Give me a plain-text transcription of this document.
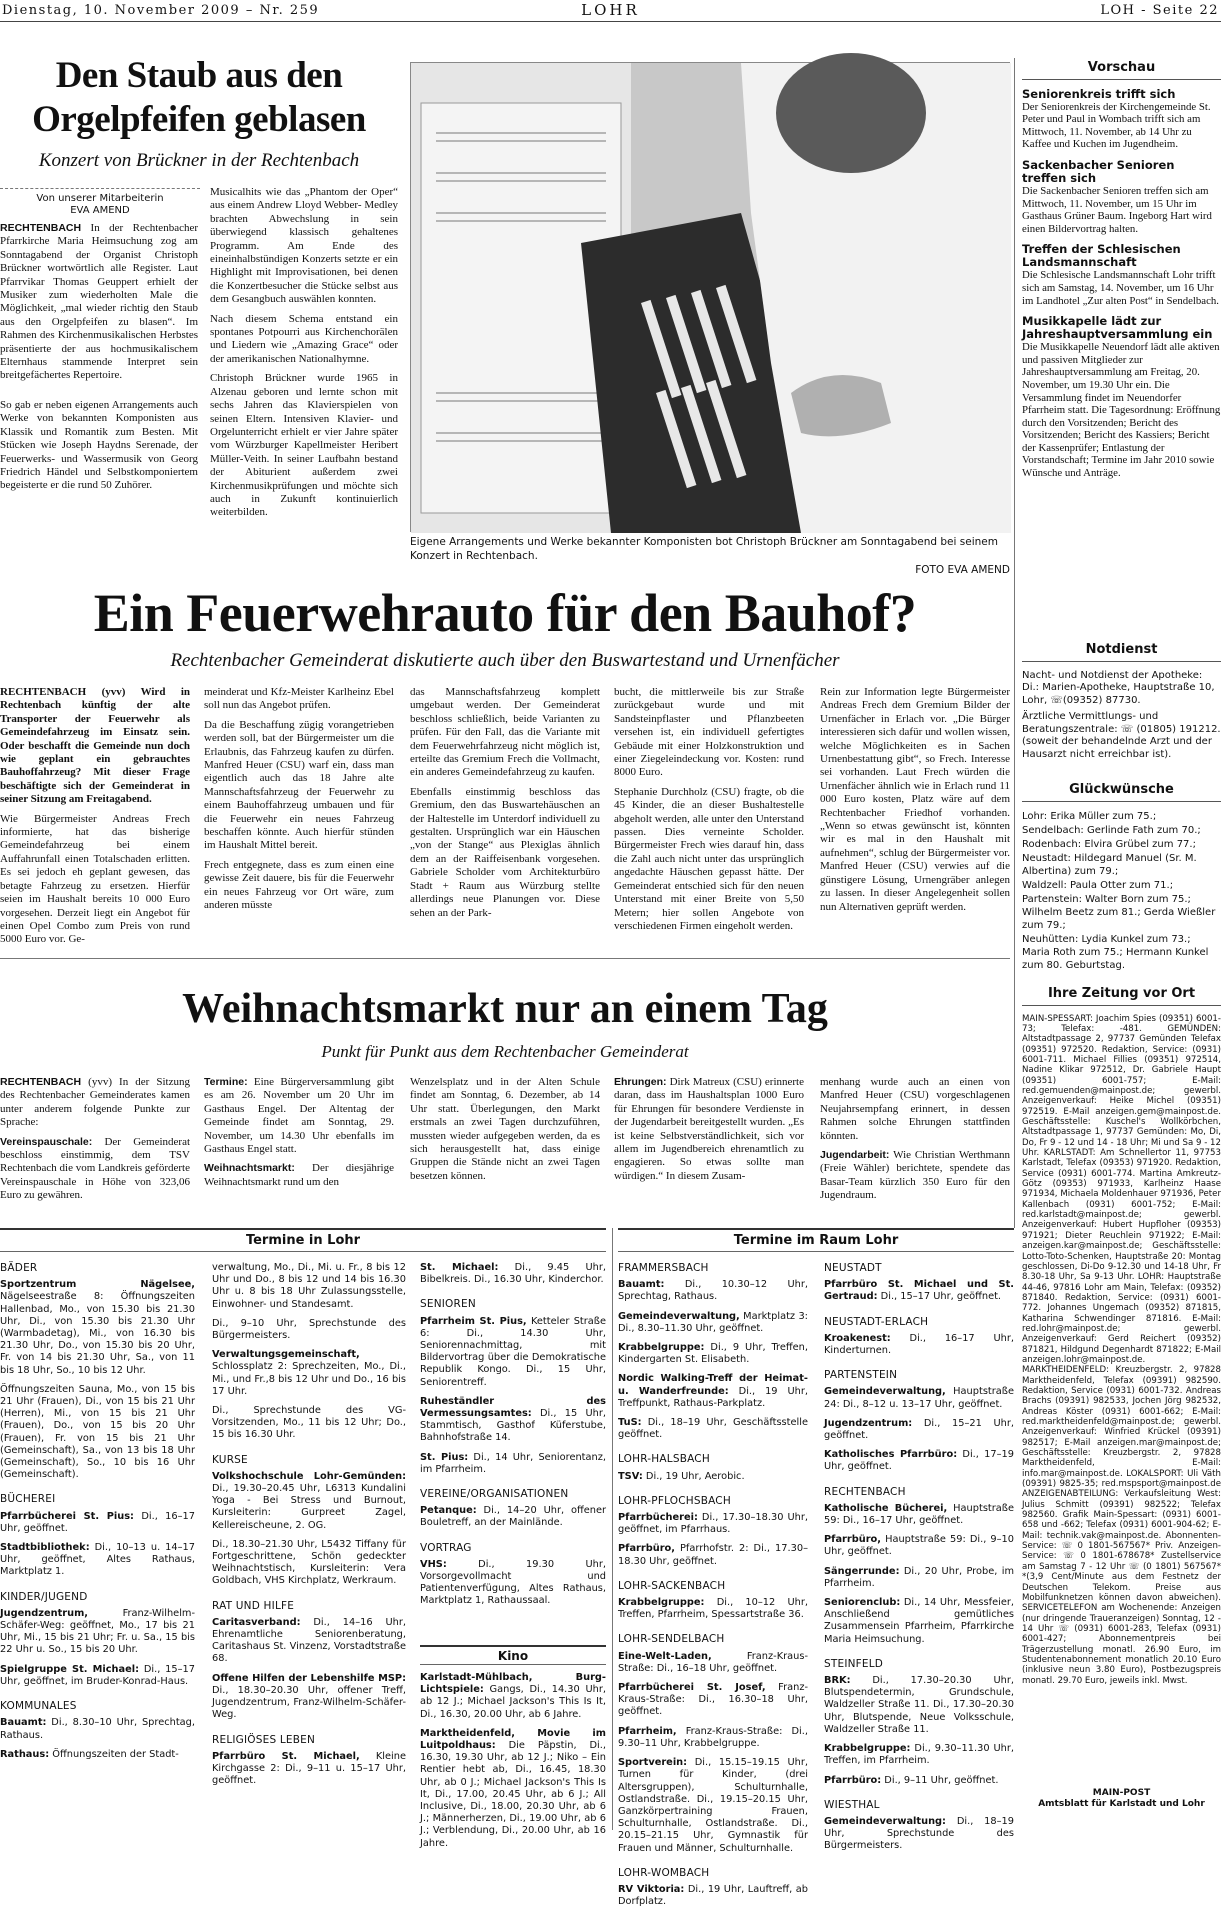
Dienstag, 10. November 2009 – Nr. 259	LOHR	LOH - Seite 22
Den Staub aus den
Orgelpfeifen geblasen
Konzert von Brückner in der Rechtenbach
Von unserer Mitarbeiterin
EVA AMEND

RECHTENBACH In der Rechtenbacher Pfarrkirche Maria Heimsuchung zog am Sonntagabend der Organist Christoph Brückner wortwörtlich alle Register. Laut Pfarrvikar Thomas Geuppert erhielt der Musiker zum wiederholten Male die Möglichkeit, „mal wieder richtig den Staub aus den Orgelpfeifen zu blasen“. Im Rahmen des Kirchenmusikalischen Herbstes präsentierte der aus hochmusikalischem Elternhaus stammende Interpret sein breitgefächertes Repertoire.

So gab er neben eigenen Arrangements auch Werke von bekannten Komponisten aus Klassik und Romantik zum Besten. Mit Stücken wie Joseph Haydns Serenade, der Feuerwerks- und Wassermusik von Georg Friedrich Händel und Selbstkomponiertem begeisterte er die rund 50 Zuhörer.

Musicalhits wie das „Phantom der Oper“ aus einem Andrew Lloyd Webber- Medley brachten Abwechslung in sein überwiegend klassisch gehaltenes Programm. Am Ende des eineinhalbstündigen Konzerts setzte er ein Highlight mit Improvisationen, bei denen die Konzertbesucher die Stücke selbst aus dem Gesangbuch auswählen konnten.

Nach diesem Schema entstand ein spontanes Potpourri aus Kirchenchorälen und Liedern wie „Amazing Grace“ oder der amerikanischen Nationalhymne.

Christoph Brückner wurde 1965 in Alzenau geboren und lernte schon mit sechs Jahren das Klavierspielen von seinen Eltern. Intensiven Klavier- und Orgelunterricht erhielt er vier Jahre später vom Würzburger Kapellmeister Heribert Müller-Veith. In seiner Laufbahn bestand der Abiturient außerdem zwei Kirchenmusikprüfungen und möchte sich auch in Zukunft kontinuierlich weiterbilden.

Eigene Arrangements und Werke bekannter Komponisten bot Christoph Brückner am Sonntagabend bei seinem Konzert in Rechtenbach.
FOTO EVA AMEND
Ein Feuerwehrauto für den Bauhof?
Rechtenbacher Gemeinderat diskutierte auch über den Buswartestand und Urnenfächer

RECHTENBACH (yvv) Wird in Rechtenbach künftig der alte Transporter der Feuerwehr als Gemeindefahrzeug im Einsatz sein. Oder beschafft die Gemeinde nun doch wie geplant ein gebrauchtes Bauhoffahrzeug? Mit dieser Frage beschäftigte sich der Gemeinderat in seiner Sitzung am Freitagabend.

Wie Bürgermeister Andreas Frech informierte, hat das bisherige Gemeindefahrzeug bei einem Auffahrunfall einen Totalschaden erlitten. Es sei jedoch eh geplant gewesen, das betagte Fahrzeug zu ersetzen. Hierfür seien im Haushalt bereits 10 000 Euro vorgesehen. Derzeit liegt ein Angebot für einen Opel Combo zum Preis von rund 5000 Euro vor. Ge-

meinderat und Kfz-Meister Karlheinz Ebel soll nun das Angebot prüfen.

Da die Beschaffung zügig vorangetrieben werden soll, bat der Bürgermeister um die Erlaubnis, das Fahrzeug kaufen zu dürfen. Manfred Heuer (CSU) warf ein, dass man eigentlich auch das 18 Jahre alte Mannschaftsfahrzeug der Feuerwehr zu einem Bauhoffahrzeug umbauen und für die Feuerwehr ein neues Fahrzeug beschaffen könnte. Auch hierfür stünden im Haushalt Mittel bereit.

Frech entgegnete, dass es zum einen eine gewisse Zeit dauere, bis für die Feuerwehr ein neues Fahrzeug vor Ort wäre, zum anderen müsste

das Mannschaftsfahrzeug komplett umgebaut werden. Der Gemeinderat beschloss schließlich, beide Varianten zu prüfen. Für den Fall, das die Variante mit dem Feuerwehrfahrzeug nicht möglich ist, erteilte das Gremium Frech die Vollmacht, ein anderes Gemeindefahrzeug zu kaufen.

Ebenfalls einstimmig beschloss das Gremium, den das Buswartehäuschen an der Haltestelle im Unterdorf individuell zu gestalten. Ursprünglich war ein Häuschen „von der Stange“ aus Plexiglas ähnlich dem an der Raiffeisenbank vorgesehen. Gabriele Scholder vom Architekturbüro Stadt + Raum aus Würzburg stellte allerdings neue Planungen vor. Diese sehen an der Park-

bucht, die mittlerweile bis zur Straße zurückgebaut wurde und mit Sandsteinpflaster und Pflanzbeeten versehen ist, ein individuell gefertigtes Gebäude mit einer Holzkonstruktion und einer Ziegeleindeckung vor. Kosten: rund 8000 Euro.

Stephanie Durchholz (CSU) fragte, ob die 45 Kinder, die an dieser Bushaltestelle abgeholt werden, alle unter den Unterstand passen. Dies verneinte Scholder. Bürgermeister Frech wies darauf hin, dass die Zahl auch nicht unter das ursprünglich angedachte Häuschen gepasst hätte. Der Gemeinderat entschied sich für den neuen Unterstand mit einer Breite von 5,50 Metern; hier sollen Angebote von verschiedenen Firmen eingeholt werden.

Rein zur Information legte Bürgermeister Andreas Frech dem Gremium Bilder der Urnenfächer in Erlach vor. „Die Bürger interessieren sich dafür und wollen wissen, welche Möglichkeiten es in Sachen Urnenbestattung gibt“, so Frech. Interesse sei vorhanden. Laut Frech würden die Urnenfächer ähnlich wie in Erlach rund 11 000 Euro kosten, Platz wäre auf dem Rechtenbacher Friedhof vorhanden. „Wenn so etwas gewünscht ist, könnten wir es mal in den Haushalt mit aufnehmen“, schlug der Bürgermeister vor. Manfred Heuer (CSU) verwies auf die günstigere Lösung, Urnengräber anlegen zu lassen. In dieser Angelegenheit sollen nun Alternativen geprüft werden.

Weihnachtsmarkt nur an einem Tag
Punkt für Punkt aus dem Rechtenbacher Gemeinderat

RECHTENBACH (yvv) In der Sitzung des Rechtenbacher Gemeinderates kamen unter anderem folgende Punkte zur Sprache:

Vereinspauschale: Der Gemeinderat beschloss einstimmig, dem TSV Rechtenbach die vom Landkreis geförderte Vereinspauschale in Höhe von 323,06 Euro zu gewähren.

Termine: Eine Bürgerversammlung gibt es am 26. November um 20 Uhr im Gasthaus Engel. Der Altentag der Gemeinde findet am Sonntag, 29. November, um 14.30 Uhr ebenfalls im Gasthaus Engel statt.

Weihnachtsmarkt: Der diesjährige Weihnachtsmarkt rund um den

Wenzelsplatz und in der Alten Schule findet am Sonntag, 6. Dezember, ab 14 Uhr statt. Überlegungen, den Markt erstmals an zwei Tagen durchzuführen, mussten wieder aufgegeben werden, da es sich herausgestellt hat, dass einige Gruppen die Stände nicht an zwei Tagen besetzen können.

Ehrungen: Dirk Matreux (CSU) erinnerte daran, dass im Haushaltsplan 1000 Euro für Ehrungen für besondere Verdienste in der Jugendarbeit bereitgestellt wurden. „Es ist keine Selbstverständlichkeit, sich vor allem im Jugendbereich ehrenamtlich zu engagieren. So etwas sollte man würdigen.“ In diesem Zusam-

menhang wurde auch an einen von Manfred Heuer (CSU) vorgeschlagenen Neujahrsempfang erinnert, in dessen Rahmen solche Ehrungen stattfinden könnten.

Jugendarbeit: Wie Christian Werthmann (Freie Wähler) berichtete, spendete das Basar-Team kürzlich 350 Euro für den Jugendraum.

Vorschau
Seniorenkreis trifft sich

Der Seniorenkreis der Kirchengemeinde St. Peter und Paul in Wombach trifft sich am Mittwoch, 11. November, ab 14 Uhr zu Kaffee und Kuchen im Jugendheim.

Sackenbacher Senioren treffen sich

Die Sackenbacher Senioren treffen sich am Mittwoch, 11. November, um 15 Uhr im Gasthaus Grüner Baum. Ingeborg Hart wird einen Bildervortrag halten.

Treffen der Schlesischen Landsmannschaft

Die Schlesische Landsmannschaft Lohr trifft sich am Samstag, 14. November, um 16 Uhr im Landhotel „Zur alten Post“ in Sendelbach.

Musikkapelle lädt zur Jahreshauptversammlung ein

Die Musikkapelle Neuendorf lädt alle aktiven und passiven Mitglieder zur Jahreshauptversammlung am Freitag, 20. November, um 19.30 Uhr ein. Die Versammlung findet im Neuendorfer Pfarrheim statt. Die Tagesordnung: Eröffnung durch den Vorsitzenden; Bericht des Vorsitzenden; Bericht des Kassiers; Bericht der Kassenprüfer; Entlastung der Vorstandschaft; Termine im Jahr 2010 sowie Wünsche und Anträge.

Notdienst
Nacht- und Notdienst der Apotheke: Di.: Marien-Apotheke, Hauptstraße 10, Lohr, ☏(09352) 87730.
Ärztliche Vermittlungs- und Beratungszentrale: ☏ (01805) 191212. (soweit der behandelnde Arzt und der Hausarzt nicht erreichbar ist).
Glückwünsche
Lohr: Erika Müller zum 75.;
Sendelbach: Gerlinde Fath zum 70.;
Rodenbach: Elvira Grübel zum 77.;
Neustadt: Hildegard Manuel (Sr. M. Albertina) zum 79.;
Waldzell: Paula Otter zum 71.;
Partenstein: Walter Born zum 75.; Wilhelm Beetz zum 81.; Gerda Wießler zum 79.;
Neuhütten: Lydia Kunkel zum 73.; Maria Roth zum 75.; Hermann Kunkel zum 80. Geburtstag.
Ihre Zeitung vor Ort
MAIN-SPESSART: Joachim Spies (09351) 6001-73; Telefax: -481. GEMÜNDEN: Altstadtpassage 2, 97737 Gemünden Telefax (09351) 972520. Redaktion, Service: (0931) 6001-711. Michael Fillies (09351) 972514, Nadine Klikar 972512, Dr. Gabriele Haupt (09351) 6001-757; E-Mail: red.gemuenden@mainpost.de; gewerbl. Anzeigenverkauf: Heike Michel (09351) 972519. E-Mail anzeigen.gem@mainpost.de. Geschäftsstelle: Kuschel's Wollkörbchen, Altstadtpassage 1, 97737 Gemünden: Mo, Di, Do, Fr 9 - 12 und 14 - 18 Uhr; Mi und Sa 9 - 12 Uhr. KARLSTADT: Am Schnellertor 11, 97753 Karlstadt, Telefax (09353) 971920. Redaktion, Service (0931) 6001-774. Martina Amkreutz-Götz (09353) 971933, Karlheinz Haase 971934, Michaela Moldenhauer 971936, Peter Kallenbach (0931) 6001-752; E-Mail: red.karlstadt@mainpost.de; gewerbl. Anzeigenverkauf: Hubert Hupfloher (09353) 971921; Dieter Reuchlein 971922; E-Mail: anzeigen.kar@mainpost.de; Geschäftsstelle: Lotto-Toto-Schenken, Hauptstraße 20: Montag geschlossen, Di-Do 9-12.30 und 14-18 Uhr, Fr 8.30-18 Uhr, Sa 9-13 Uhr. LOHR: Hauptstraße 44-46, 97816 Lohr am Main, Telefax: (09352) 871840. Redaktion, Service: (0931) 6001-772. Johannes Ungemach (09352) 871815, Katharina Schwendinger 871816. E-Mail: red.lohr@mainpost.de; gewerbl. Anzeigenverkauf: Gerd Reichert (09352) 871821, Hildgund Degenhardt 871822; E-Mail anzeigen.lohr@mainpost.de. MARKTHEIDENFELD: Kreuzbergstr. 2, 97828 Marktheidenfeld, Telefax (09391) 982590. Redaktion, Service (0931) 6001-732. Andreas Brachs (09391) 982533, Jochen Jörg 982532, Andreas Köster (0931) 6001-662; E-Mail: red.marktheidenfeld@mainpost.de; gewerbl. Anzeigenverkauf: Winfried Krückel (09391) 982517; E-Mail anzeigen.mar@mainpost.de; Geschäftsstelle: Kreuzbergstr. 2, 97828 Marktheidenfeld, E-Mail: info.mar@mainpost.de. LOKALSPORT: Uli Väth (09391) 9825-35; red.mspsport@mainpost.de ANZEIGENABTEILUNG: Verkaufsleitung West: Julius Schmitt (09391) 982522; Telefax 982560. Grafik Main-Spessart: (0931) 6001-658 und -662; Telefax (0931) 6001-904-62; E-Mail: technik.vak@mainpost.de. Abonnenten-Service: ☏ 0 1801-567567* Priv. Anzeigen-Service: ☏ 0 1801-678678* Zustellservice am Samstag 7 - 12 Uhr ☏ (0 1801) 567567* *(3,9 Cent/Minute aus dem Festnetz der Deutschen Telekom. Preise aus Mobilfunknetzen können davon abweichen). SERVICETELEFON am Wochenende: Anzeigen (nur dringende Traueranzeigen) Sonntag, 12 - 14 Uhr ☏ (0931) 6001-283, Telefax (0931) 6001-427; Abonnementpreis bei Trägerzustellung monatl. 26.90 Euro, im Studentenabonnement monatlich 20.10 Euro (inklusive neun 3.80 Euro), Postbezugspreis monatl. 29.70 Euro, jeweils inkl. Mwst.
MAIN-POST
Amtsblatt für Karlstadt und Lohr
Termine in Lohr
BÄDER
Sportzentrum Nägelsee, Nägelseestraße 8: Öffnungszeiten Hallenbad, Mo., von 15.30 bis 21.30 Uhr, Di., von 15.30 bis 21.30 Uhr (Warmbadetag), Mi., von 16.30 bis 21.30 Uhr, Do., von 15.30 bis 20 Uhr, Fr. von 14 bis 21.30 Uhr, Sa., von 11 bis 18 Uhr, So., 10 bis 12 Uhr.
Öffnungszeiten Sauna, Mo., von 15 bis 21 Uhr (Frauen), Di., von 15 bis 21 Uhr (Herren), Mi., von 15 bis 21 Uhr (Frauen), Do., von 15 bis 20 Uhr (Frauen), Fr. von 15 bis 21 Uhr (Gemeinschaft), Sa., von 13 bis 18 Uhr (Gemeinschaft), So., 10 bis 16 Uhr (Gemeinschaft).
BÜCHEREI
Pfarrbücherei St. Pius: Di., 16–17 Uhr, geöffnet.
Stadtbibliothek: Di., 10–13 u. 14–17 Uhr, geöffnet, Altes Rathaus, Marktplatz 1.
KINDER/JUGEND
Jugendzentrum, Franz-Wilhelm-Schäfer-Weg: geöffnet, Mo., 17 bis 21 Uhr, Mi., 15 bis 21 Uhr; Fr. u. Sa., 15 bis 22 Uhr u. So., 15 bis 20 Uhr.
Spielgruppe St. Michael: Di., 15–17 Uhr, geöffnet, im Bruder-Konrad-Haus.
KOMMUNALES
Bauamt: Di., 8.30–10 Uhr, Sprechtag, Rathaus.
Rathaus: Öffnungszeiten der Stadt-
verwaltung, Mo., Di., Mi. u. Fr., 8 bis 12 Uhr und Do., 8 bis 12 und 14 bis 16.30 Uhr u. 8 bis 18 Uhr Zulassungsstelle, Einwohner- und Standesamt.
Di., 9–10 Uhr, Sprechstunde des Bürgermeisters.
Verwaltungsgemeinschaft, Schlossplatz 2: Sprechzeiten, Mo., Di., Mi., und Fr.,8 bis 12 Uhr und Do., 16 bis 17 Uhr.
Di., Sprechstunde des VG-Vorsitzenden, Mo., 11 bis 12 Uhr; Do., 15 bis 16.30 Uhr.
KURSE
Volkshochschule Lohr-Gemünden: Di., 19.30–20.45 Uhr, L6313 Kundalini Yoga - Bei Stress und Burnout, Kursleiterin: Gurpreet Zagel, Kellereischeune, 2. OG.
Di., 18.30–21.30 Uhr, L5432 Tiffany für Fortgeschrittene, Schön gedeckter Weihnachtstisch, Kursleiterin: Vera Goldbach, VHS Kirchplatz, Werkraum.
RAT UND HILFE
Caritasverband: Di., 14–16 Uhr, Ehrenamtliche Seniorenberatung, Caritashaus St. Vinzenz, Vorstadtstraße 68.
Offene Hilfen der Lebenshilfe MSP: Di., 18.30–20.30 Uhr, offener Treff, Jugendzentrum, Franz-Wilhelm-Schäfer-Weg.
RELIGIÖSES LEBEN
Pfarrbüro St. Michael, Kleine Kirchgasse 2: Di., 9–11 u. 15–17 Uhr, geöffnet.
St. Michael: Di., 9.45 Uhr, Bibelkreis. Di., 16.30 Uhr, Kinderchor.
SENIOREN
Pfarrheim St. Pius, Ketteler Straße 6: Di., 14.30 Uhr, Seniorennachmittag, mit Bildervortrag über die Demokratische Republik Kongo. Di., 15 Uhr, Seniorentreff.
Ruheständler des Vermessungsamtes: Di., 15 Uhr, Stammtisch, Gasthof Küferstube, Bahnhofstraße 14.
St. Pius: Di., 14 Uhr, Seniorentanz, im Pfarrheim.
VEREINE/ORGANISATIONEN
Petanque: Di., 14–20 Uhr, offener Bouletreff, an der Mainlände.
VORTRAG
VHS: Di., 19.30 Uhr, Vorsorgevollmacht und Patientenverfügung, Altes Rathaus, Marktplatz 1, Rathaussaal.
Kino
Karlstadt-Mühlbach, Burg-Lichtspiele: Gangs, Di., 14.30 Uhr, ab 12 J.; Michael Jackson's This Is It, Di., 16.30, 20.00 Uhr, ab 6 Jahre.
Marktheidenfeld, Movie im Luitpoldhaus: Die Päpstin, Di., 16.30, 19.30 Uhr, ab 12 J.; Niko – Ein Rentier hebt ab, Di., 16.45, 18.30 Uhr, ab 0 J.; Michael Jackson's This Is It, Di., 17.00, 20.45 Uhr, ab 6 J.; All Inclusive, Di., 18.00, 20.30 Uhr, ab 6 J.; Männerherzen, Di., 19.00 Uhr, ab 6 J.; Verblendung, Di., 20.00 Uhr, ab 16 Jahre.
Termine im Raum Lohr
FRAMMERSBACH
Bauamt: Di., 10.30–12 Uhr, Sprechtag, Rathaus.
Gemeindeverwaltung, Marktplatz 3: Di., 8.30–11.30 Uhr, geöffnet.
Krabbelgruppe: Di., 9 Uhr, Treffen, Kindergarten St. Elisabeth.
Nordic Walking-Treff der Heimat- u. Wanderfreunde: Di., 19 Uhr, Treffpunkt, Rathaus-Parkplatz.
TuS: Di., 18–19 Uhr, Geschäftsstelle geöffnet.
LOHR-HALSBACH
TSV: Di., 19 Uhr, Aerobic.
LOHR-PFLOCHSBACH
Pfarrbücherei: Di., 17.30–18.30 Uhr, geöffnet, im Pfarrhaus.
Pfarrbüro, Pfarrhofstr. 2: Di., 17.30–18.30 Uhr, geöffnet.
LOHR-SACKENBACH
Krabbelgruppe: Di., 10–12 Uhr, Treffen, Pfarrheim, Spessartstraße 36.
LOHR-SENDELBACH
Eine-Welt-Laden, Franz-Kraus-Straße: Di., 16–18 Uhr, geöffnet.
Pfarrbücherei St. Josef, Franz-Kraus-Straße: Di., 16.30–18 Uhr, geöffnet.
Pfarrheim, Franz-Kraus-Straße: Di., 9.30–11 Uhr, Krabbelgruppe.
Sportverein: Di., 15.15–19.15 Uhr, Turnen für Kinder, (drei Altersgruppen), Schulturnhalle, Ostlandstraße. Di., 19.15–20.15 Uhr, Ganzkörpertraining Frauen, Schulturnhalle, Ostlandstraße. Di., 20.15–21.15 Uhr, Gymnastik für Frauen und Männer, Schulturnhalle.
LOHR-WOMBACH
RV Viktoria: Di., 19 Uhr, Lauftreff, ab Dorfplatz.
NEUSTADT
Pfarrbüro St. Michael und St. Gertraud: Di., 15–17 Uhr, geöffnet.
NEUSTADT-ERLACH
Kroakenest: Di., 16–17 Uhr, Kinderturnen.
PARTENSTEIN
Gemeindeverwaltung, Hauptstraße 24: Di., 8–12 u. 13–17 Uhr, geöffnet.
Jugendzentrum: Di., 15–21 Uhr, geöffnet.
Katholisches Pfarrbüro: Di., 17–19 Uhr, geöffnet.
RECHTENBACH
Katholische Bücherei, Hauptstraße 59: Di., 16–17 Uhr, geöffnet.
Pfarrbüro, Hauptstraße 59: Di., 9–10 Uhr, geöffnet.
Sängerrunde: Di., 20 Uhr, Probe, im Pfarrheim.
Seniorenclub: Di., 14 Uhr, Messfeier, Anschließend gemütliches Zusammensein Pfarrheim, Pfarrkirche Maria Heimsuchung.
STEINFELD
BRK: Di., 17.30–20.30 Uhr, Blutspendetermin, Grundschule, Waldzeller Straße 11. Di., 17.30–20.30 Uhr, Blutspende, Neue Volksschule, Waldzeller Straße 11.
Krabbelgruppe: Di., 9.30–11.30 Uhr, Treffen, im Pfarrheim.
Pfarrbüro: Di., 9–11 Uhr, geöffnet.
WIESTHAL
Gemeindeverwaltung: Di., 18–19 Uhr, Sprechstunde des Bürgermeisters.
